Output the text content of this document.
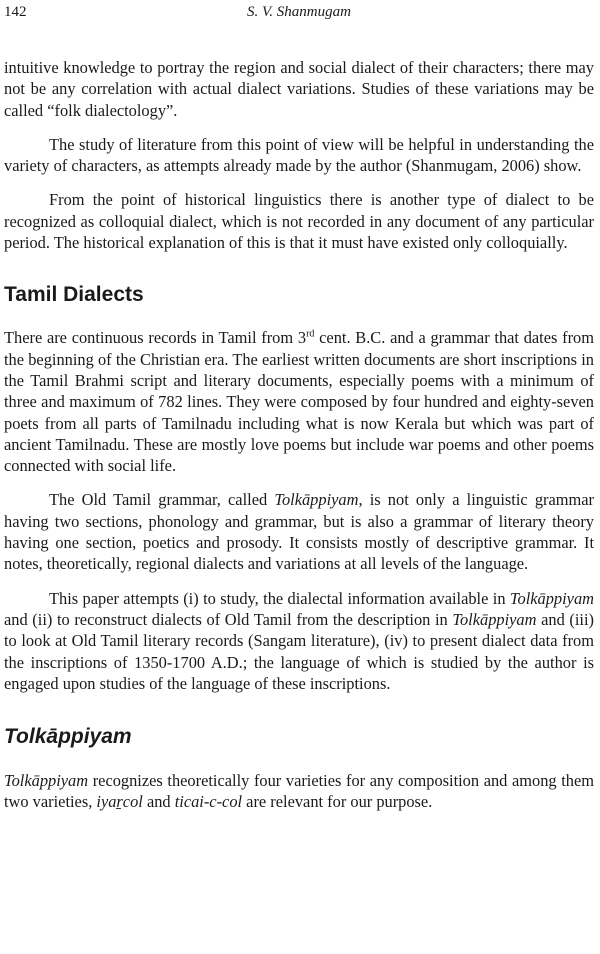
142	S. V. Shanmugam

intuitive knowledge to portray the region and social dialect of their characters; there may not be any correlation with actual dialect variations. Studies of these variations may be called “folk dialectology”.

The study of literature from this point of view will be helpful in understanding the variety of characters, as attempts already made by the author (Shanmugam, 2006) show.

From the point of historical linguistics there is another type of dialect to be recognized as colloquial dialect, which is not recorded in any document of any particular period. The historical explanation of this is that it must have existed only colloquially.

Tamil Dialects

There are continuous records in Tamil from 3rd cent. B.C. and a grammar that dates from the beginning of the Christian era. The earliest written documents are short inscriptions in the Tamil Brahmi script and literary documents, especially poems with a minimum of three and maximum of 782 lines. They were composed by four hundred and eighty-seven poets from all parts of Tamilnadu including what is now Kerala but which was part of ancient Tamilnadu. These are mostly love poems but include war poems and other poems connected with social life.

The Old Tamil grammar, called Tolkāppiyam, is not only a linguistic grammar having two sections, phonology and grammar, but is also a grammar of literary theory having one section, poetics and prosody. It consists mostly of descriptive grammar. It notes, theoretically, regional dialects and variations at all levels of the language.

This paper attempts (i) to study, the dialectal information available in Tolkāppiyam and (ii) to reconstruct dialects of Old Tamil from the description in Tolkāppiyam and (iii) to look at Old Tamil literary records (Sangam literature), (iv) to present dialect data from the inscriptions of 1350-1700 A.D.; the language of which is studied by the author is engaged upon studies of the language of these inscriptions.

Tolkāppiyam

Tolkāppiyam recognizes theoretically four varieties for any composition and among them two varieties, iyaṟcol and ticai-c-col are relevant for our purpose.
